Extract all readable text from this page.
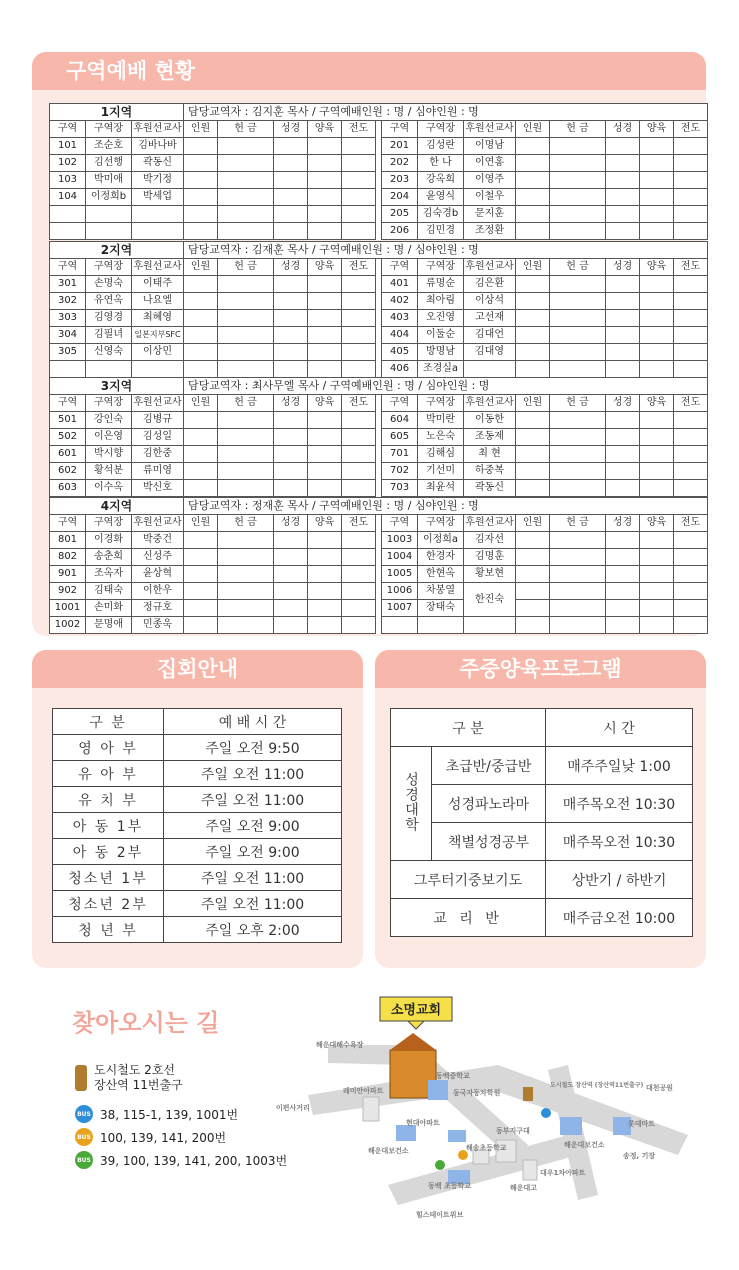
구역예배 현황
1지역			담당교역자 : 김지훈 목사 / 구역예배인원 : 명 / 심야인원 : 명													
구역	구역장	후원선교사	인원	헌 금	성경	양육	전도		구역	구역장	후원선교사	인원	헌 금	성경	양육	전도
101	조순호	김바나바							201	김성란	이명남					
102	김선행	곽동신							202	한 나	이연홍					
103	박미애	박기정							203	강옥희	이영주					
104	이정희b	박세업							204	윤영식	이철우					
									205	김숙경b	문지훈					
									206	김민경	조정환					
2지역			담당교역자 : 김재훈 목사 / 구역예배인원 : 명 / 심야인원 : 명													
구역	구역장	후원선교사	인원	헌 금	성경	양육	전도		구역	구역장	후원선교사	인원	헌 금	성경	양육	전도
301	손명숙	이태주							401	류명순	김은환					
302	유연옥	나요엘							402	최아림	이상석					
303	김영경	최혜영							403	오진영	고선재					
304	김필녀	일본지부SFC							404	이둘순	김대언					
305	신영숙	이상민							405	방명남	김대영					
									406	조경실a						
3지역			담당교역자 : 최사무엘 목사 / 구역예배인원 : 명 / 심야인원 : 명													
구역	구역장	후원선교사	인원	헌 금	성경	양육	전도		구역	구역장	후원선교사	인원	헌 금	성경	양육	전도
501	강인숙	김병규							604	박미란	이동한					
502	이은영	김성일							605	노은숙	조동제					
601	박시향	김한중							701	김해심	최 현					
602	황석분	류미영							702	기선미	하중복					
603	이수옥	박신호							703	최윤석	곽동신					
4지역			담당교역자 : 정재훈 목사 / 구역예배인원 : 명 / 심야인원 : 명													
구역	구역장	후원선교사	인원	헌 금	성경	양육	전도		구역	구역장	후원선교사	인원	헌 금	성경	양육	전도
801	이경화	박중건							1003	이정희a	김자선					
802	송춘희	신성주							1004	한경자	김명훈					
901	조옥자	윤상혁							1005	한현옥	황보현					
902	김태숙	이한우							1006	차봉열	한진숙					
1001	손미화	정규호							1007	장태숙						
1002	문명애	민종욱														
집회안내
구 분	예 배 시 간
영 아 부	주일 오전 9:50
유 아 부	주일 오전 11:00
유 치 부	주일 오전 11:00
아 동 1부	주일 오전 9:00
아 동 2부	주일 오전 9:00
청소년 1부	주일 오전 11:00
청소년 2부	주일 오전 11:00
청 년 부	주일 오후 2:00
주중양육프로그램
구 분		시 간
성경대학	초급반/중급반	매주주일낮 1:00
	성경파노라마	매주목오전 10:30
	책별성경공부	매주목오전 10:30
그루터기중보기도		상반기 / 하반기
교 리 반		매주금오전 10:00
찾아오시는 길
도시철도 2호선
장산역 11번출구
BUS 38, 115-1, 139, 1001번
BUS 100, 139, 141, 200번
BUS 39, 100, 139, 141, 200, 1003번
소명교회
해운대해수욕장
동백중학교
동국자동차학원
레미안아파트
이편사거리
도시철도 장산역 (장산역11번출구) 대천공원
현대아파트
해송초등학교
해운대보건소
동부지구대
롯데마트
송정, 기장
해운대보건소
동백 초등학교
대우1차아파트
해운대고
힐스테이트위브
